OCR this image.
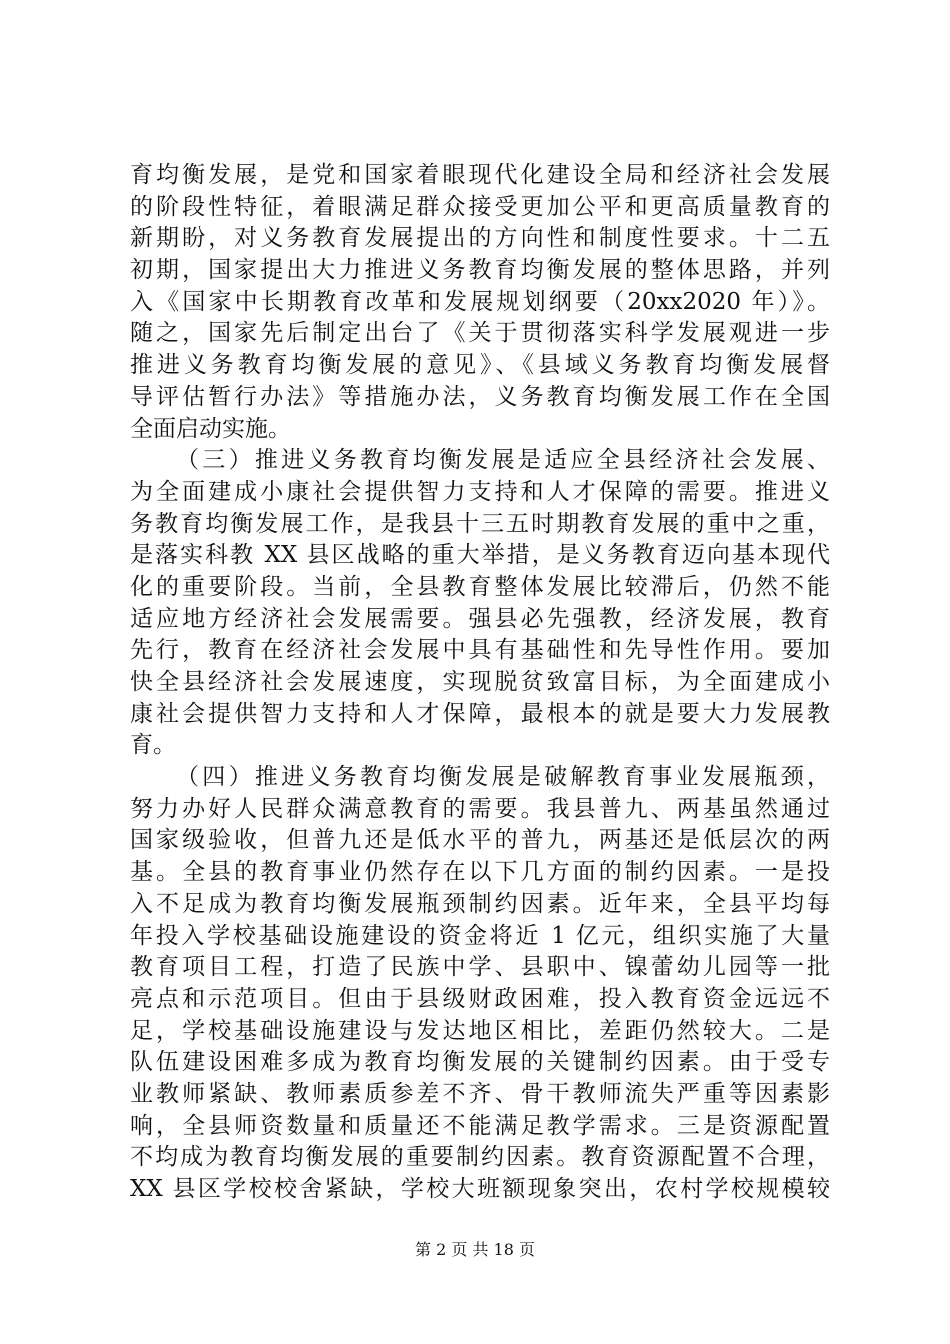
育均衡发展，是党和国家着眼现代化建设全局和经济社会发展
的阶段性特征，着眼满足群众接受更加公平和更高质量教育的
新期盼，对义务教育发展提出的方向性和制度性要求。十二五
初期，国家提出大力推进义务教育均衡发展的整体思路，并列
入《国家中长期教育改革和发展规划纲要（20xx2020 年）》。
随之，国家先后制定出台了《关于贯彻落实科学发展观进一步
推进义务教育均衡发展的意见》、《县域义务教育均衡发展督
导评估暂行办法》等措施办法，义务教育均衡发展工作在全国
全面启动实施。
（三）推进义务教育均衡发展是适应全县经济社会发展、
为全面建成小康社会提供智力支持和人才保障的需要。推进义
务教育均衡发展工作，是我县十三五时期教育发展的重中之重，
是落实科教 XX 县区战略的重大举措，是义务教育迈向基本现代
化的重要阶段。当前，全县教育整体发展比较滞后，仍然不能
适应地方经济社会发展需要。强县必先强教，经济发展，教育
先行，教育在经济社会发展中具有基础性和先导性作用。要加
快全县经济社会发展速度，实现脱贫致富目标，为全面建成小
康社会提供智力支持和人才保障，最根本的就是要大力发展教
育。
（四）推进义务教育均衡发展是破解教育事业发展瓶颈，
努力办好人民群众满意教育的需要。我县普九、两基虽然通过
国家级验收，但普九还是低水平的普九，两基还是低层次的两
基。全县的教育事业仍然存在以下几方面的制约因素。一是投
入不足成为教育均衡发展瓶颈制约因素。近年来，全县平均每
年投入学校基础设施建设的资金将近 1 亿元，组织实施了大量
教育项目工程，打造了民族中学、县职中、镍蕾幼儿园等一批
亮点和示范项目。但由于县级财政困难，投入教育资金远远不
足，学校基础设施建设与发达地区相比，差距仍然较大。二是
队伍建设困难多成为教育均衡发展的关键制约因素。由于受专
业教师紧缺、教师素质参差不齐、骨干教师流失严重等因素影
响，全县师资数量和质量还不能满足教学需求。三是资源配置
不均成为教育均衡发展的重要制约因素。教育资源配置不合理，
XX 县区学校校舍紧缺，学校大班额现象突出，农村学校规模较
第 2 页 共 18 页
